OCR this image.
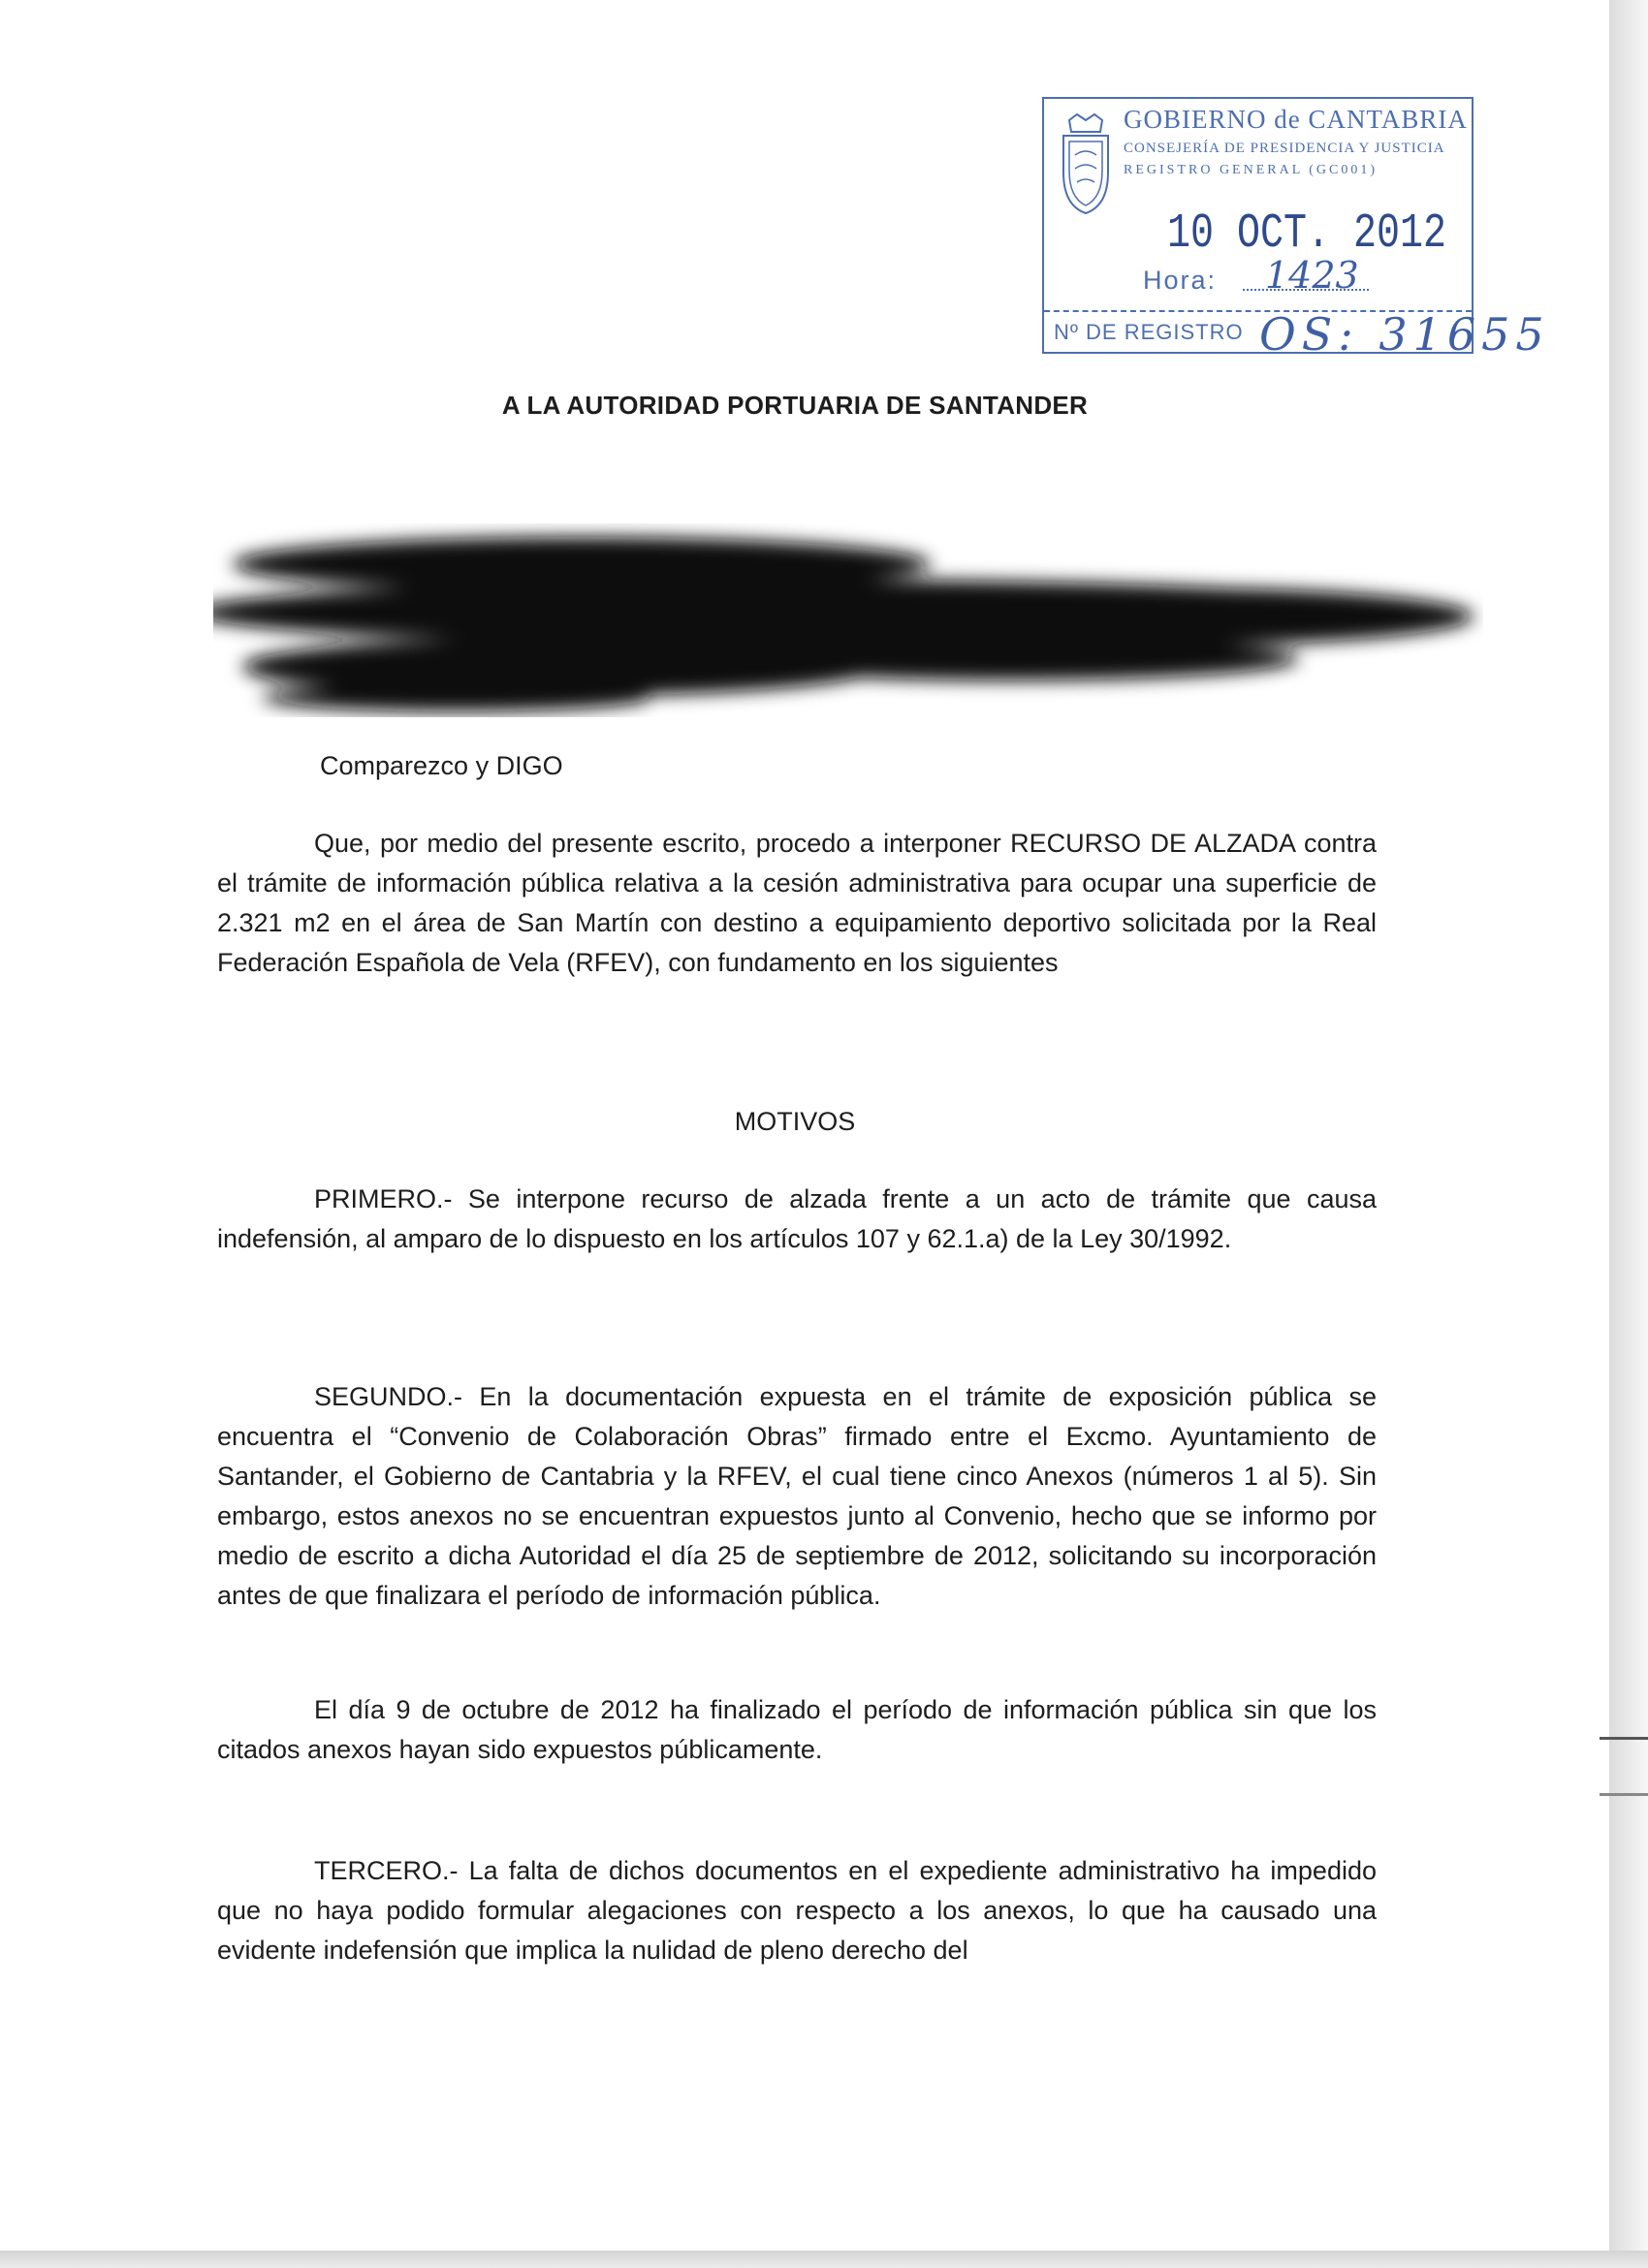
GOBIERNO de CANTABRIA
CONSEJERÍA DE PRESIDENCIA Y JUSTICIA
REGISTRO GENERAL (GC001)
10 OCT. 2012
Hora: 1423
Nº DE REGISTRO OS: 31655
A LA AUTORIDAD PORTUARIA DE SANTANDER
Comparezco y DIGO

Que, por medio del presente escrito, procedo a interponer RECURSO DE ALZADA contra el trámite de información pública relativa a la cesión administrativa para ocupar una superficie de 2.321 m2 en el área de San Martín con destino a equipamiento deportivo solicitada por la Real Federación Española de Vela (RFEV), con fundamento en los siguientes

MOTIVOS

PRIMERO.- Se interpone recurso de alzada frente a un acto de trámite que causa indefensión, al amparo de lo dispuesto en los artículos 107 y 62.1.a) de la Ley 30/1992.

SEGUNDO.- En la documentación expuesta en el trámite de exposición pública se encuentra el “Convenio de Colaboración Obras” firmado entre el Excmo. Ayuntamiento de Santander, el Gobierno de Cantabria y la RFEV, el cual tiene cinco Anexos (números 1 al 5). Sin embargo, estos anexos no se encuentran expuestos junto al Convenio, hecho que se informo por medio de escrito a dicha Autoridad el día 25 de septiembre de 2012, solicitando su incorporación antes de que finalizara el período de información pública.

El día 9 de octubre de 2012 ha finalizado el período de información pública sin que los citados anexos hayan sido expuestos públicamente.

TERCERO.- La falta de dichos documentos en el expediente administrativo ha impedido que no haya podido formular alegaciones con respecto a los anexos, lo que ha causado una evidente indefensión que implica la nulidad de pleno derecho del
